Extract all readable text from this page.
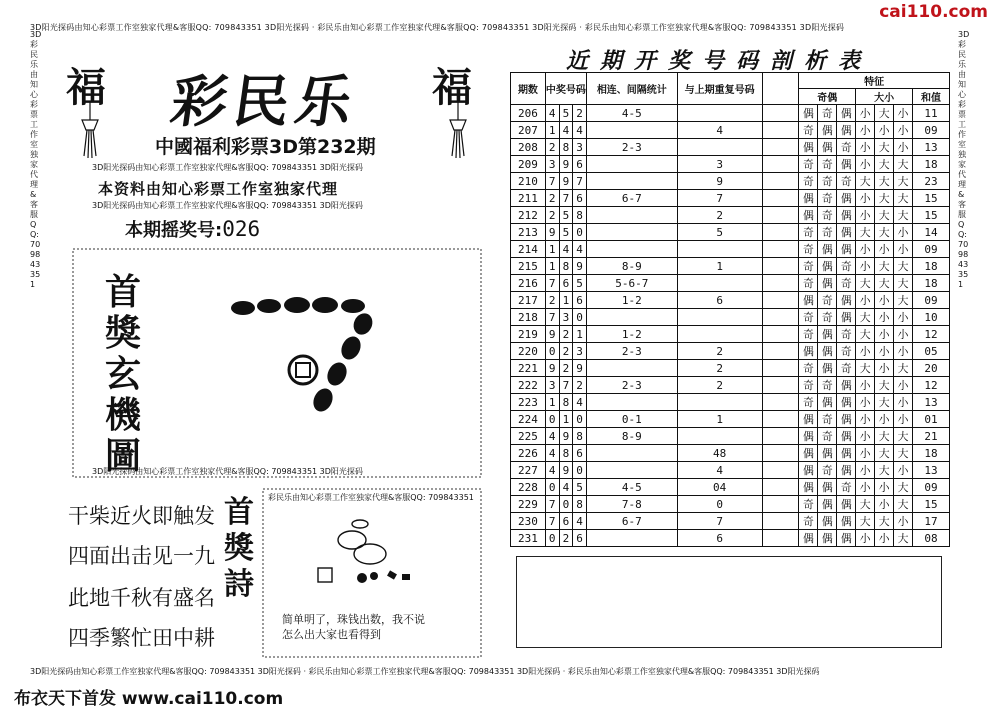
cai110.com
3D阳光探码由知心彩票工作室独家代理&客服QQ: 709843351 3D阳光探码 · 彩民乐由知心彩票工作室独家代理&客服QQ: 709843351 3D阳光探码 · 彩民乐由知心彩票工作室独家代理&客服QQ: 709843351 3D阳光探码
3D阳光探码由知心彩票工作室独家代理&客服QQ: 709843351 3D阳光探码 · 彩民乐由知心彩票工作室独家代理&客服QQ: 709843351 3D阳光探码 · 彩民乐由知心彩票工作室独家代理&客服QQ: 709843351 3D阳光探码
3D彩民乐由知心彩票工作室独家代理&客服QQ:709843351
3D彩民乐由知心彩票工作室独家代理&客服QQ:709843351
福	福
彩民乐
中國福利彩票3D第232期
3D阳光探码由知心彩票工作室独家代理&客服QQ: 709843351 3D阳光探码
本资料由知心彩票工作室独家代理
3D阳光探码由知心彩票工作室独家代理&客服QQ: 709843351 3D阳光探码
本期摇奖号:026
首獎玄機圖
3D阳光探码由知心彩票工作室独家代理&客服QQ: 709843351 3D阳光探码
干柴近火即触发
四面出击见一九
此地千秋有盛名
四季繁忙田中耕
首獎詩
彩民乐由知心彩票工作室独家代理&客服QQ: 709843351
简单明了，珠钱出数，我不说
怎么出大家也看得到
布衣天下首发 www.cai110.com
近期开奖号码剖析表
期数	中奖号码			相连、间隔统计	与上期重复号码		特征						
							奇偶			大小			和值
206	4	5	2	4-5			偶	奇	偶	小	大	小	11
207	1	4	4		4		奇	偶	偶	小	小	小	09
208	2	8	3	2-3			偶	偶	奇	小	大	小	13
209	3	9	6		3		奇	奇	偶	小	大	大	18
210	7	9	7		9		奇	奇	奇	大	大	大	23
211	2	7	6	6-7	7		偶	奇	偶	小	大	大	15
212	2	5	8		2		偶	奇	偶	小	大	大	15
213	9	5	0		5		奇	奇	偶	大	大	小	14
214	1	4	4				奇	偶	偶	小	小	小	09
215	1	8	9	8-9	1		奇	偶	奇	小	大	大	18
216	7	6	5	5-6-7			奇	偶	奇	大	大	大	18
217	2	1	6	1-2	6		偶	奇	偶	小	小	大	09
218	7	3	0				奇	奇	偶	大	小	小	10
219	9	2	1	1-2			奇	偶	奇	大	小	小	12
220	0	2	3	2-3	2		偶	偶	奇	小	小	小	05
221	9	2	9		2		奇	偶	奇	大	小	大	20
222	3	7	2	2-3	2		奇	奇	偶	小	大	小	12
223	1	8	4				奇	偶	偶	小	大	小	13
224	0	1	0	0-1	1		偶	奇	偶	小	小	小	01
225	4	9	8	8-9			偶	奇	偶	小	大	大	21
226	4	8	6		48		偶	偶	偶	小	大	大	18
227	4	9	0		4		偶	奇	偶	小	大	小	13
228	0	4	5	4-5	04		偶	偶	奇	小	小	大	09
229	7	0	8	7-8	0		奇	偶	偶	大	小	大	15
230	7	6	4	6-7	7		奇	偶	偶	大	大	小	17
231	0	2	6		6		偶	偶	偶	小	小	大	08
